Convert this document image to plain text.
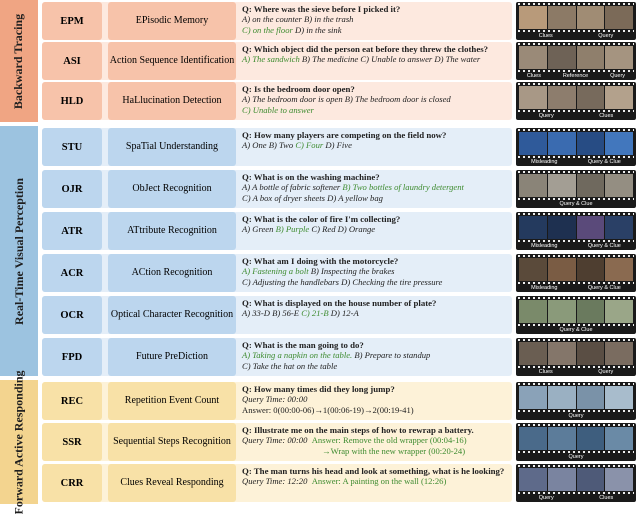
Backward Tracing	EPM	EPisodic Memory
Q: Where was the sieve before I picked it?
A) on the counter B) in the trash
C) on the floor D) in the sink
Clues	Query
ASI	Action Sequence Identification
Q: Which object did the person eat before they threw the clothes?
A) The sandwich B) The medicine C) Unable to answer D) The water
Clues	Reference	Query
HLD	HaLlucination Detection
Q: Is the bedroom door open?
A) The bedroom door is open B) The bedroom door is closed
C) Unable to answer
Query	Clues
Real-Time Visual Perception
STU	SpaTial Understanding
Q: How many players are competing on the field now?
A) One B) Two C) Four D) Five
Misleading	Query & Clue
OJR	ObJect Recognition
Q: What is on the washing machine?
A) A bottle of fabric softener B) Two bottles of laundry detergent
C) A box of dryer sheets D) A yellow bag
Query & Clue
ATR	ATtribute Recognition
Q: What is the color of fire I'm collecting?
A) Green B) Purple C) Red D) Orange
Misleading	Query & Clue
ACR	ACtion Recognition
Q: What am I doing with the motorcycle?
A) Fastening a bolt B) Inspecting the brakes
C) Adjusting the handlebars D) Checking the tire pressure
Misleading	Query & Clue
OCR	Optical Character Recognition
Q: What is displayed on the house number of plate?
A) 33-D B) 56-E C) 21-B D) 12-A
Query & Clue
FPD	Future PreDiction
Q: What is the man going to do?
A) Taking a napkin on the table. B) Prepare to standup
C) Take the hat on the table
Clues	Query
Forward Active Responding	REC	Repetition Event Count
Q: How many times did they long jump?
Query Time: 00:00
Answer: 0(00:00-06)→1(00:06-19)→2(00:19-41)
Query
SSR	Sequential Steps Recognition
Q: Illustrate me on the main steps of how to rewrap a battery.
Query Time: 00:00 Answer: Remove the old wrapper (00:04-16)
→Wrap with the new wrapper (00:20-24)
Query
CRR	Clues Reveal Responding
Q: The man turns his head and look at something, what is he looking?
Query Time: 12:20 Answer: A painting on the wall (12:26)
Query	Clues
